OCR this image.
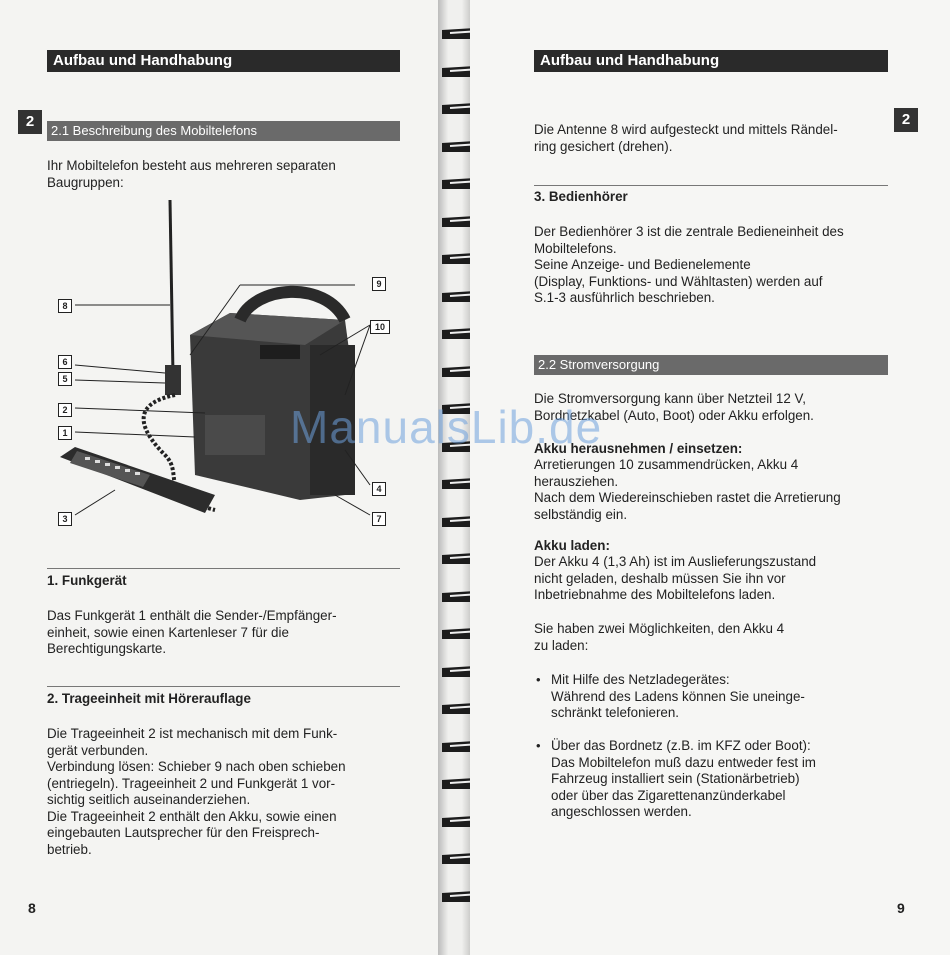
Aufbau und Handhabung
2
2.1 Beschreibung des Mobiltelefons
Ihr Mobiltelefon besteht aus mehreren separaten
Baugruppen:
9
8
10
6
5
2
1
4
3	7
1. Funkgerät
Das Funkgerät 1 enthält die Sender-/Empfänger-
einheit, sowie einen Kartenleser 7 für die
Berechtigungskarte.
2. Trageeinheit mit Hörerauflage
Die Trageeinheit 2 ist mechanisch mit dem Funk-
gerät verbunden.
Verbindung lösen: Schieber 9 nach oben schieben
(entriegeln). Trageeinheit 2 und Funkgerät 1 vor-
sichtig seitlich auseinanderziehen.
Die Trageeinheit 2 enthält den Akku, sowie einen
eingebauten Lautsprecher für den Freisprech-
betrieb.
8
Aufbau und Handhabung
2
Die Antenne 8 wird aufgesteckt und mittels Rändel-
ring gesichert (drehen).
3. Bedienhörer
Der Bedienhörer 3 ist die zentrale Bedieneinheit des
Mobiltelefons.
Seine Anzeige- und Bedienelemente
(Display, Funktions- und Wähltasten) werden auf
S.1-3 ausführlich beschrieben.
2.2 Stromversorgung
Die Stromversorgung kann über Netzteil 12 V,
Bordnetzkabel (Auto, Boot) oder Akku erfolgen.
Akku herausnehmen / einsetzen:
Arretierungen 10 zusammendrücken, Akku 4
herausziehen.
Nach dem Wiedereinschieben rastet die Arretierung
selbständig ein.
Akku laden:
Der Akku 4 (1,3 Ah) ist im Auslieferungszustand
nicht geladen, deshalb müssen Sie ihn vor
Inbetriebnahme des Mobiltelefons laden.
Sie haben zwei Möglichkeiten, den Akku 4
zu laden:
• Mit Hilfe des Netzladegerätes:
Während des Ladens können Sie uneinge-
schränkt telefonieren.
• Über das Bordnetz (z.B. im KFZ oder Boot):
Das Mobiltelefon muß dazu entweder fest im
Fahrzeug installiert sein (Stationärbetrieb)
oder über das Zigarettenanzünderkabel
angeschlossen werden.
9
ManualsLib.de
